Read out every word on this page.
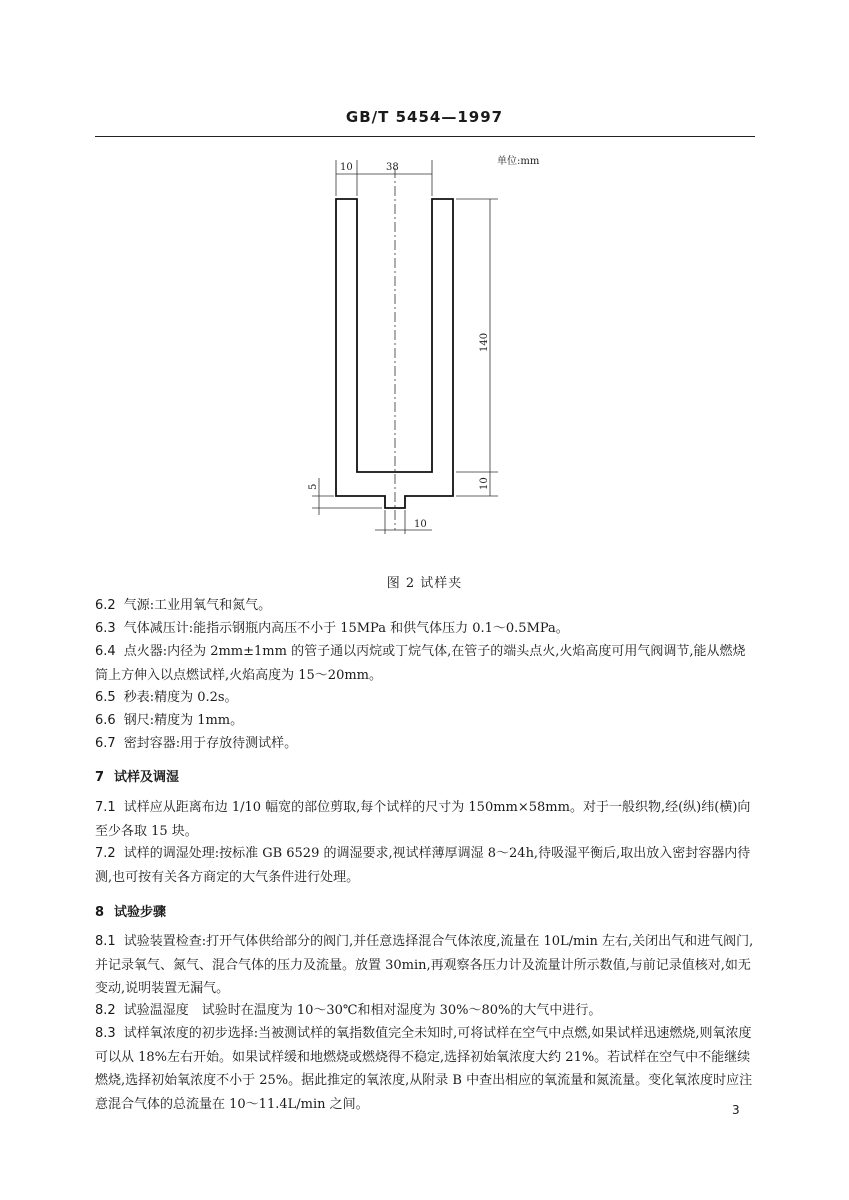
GB/T 5454—1997
单位:mm
10	38
140
10
5
10
图 2 试样夹
6.2 气源:工业用氧气和氮气。
6.3 气体减压计:能指示钢瓶内高压不小于 15MPa 和供气体压力 0.1～0.5MPa。
6.4 点火器:内径为 2mm±1mm 的管子通以丙烷或丁烷气体,在管子的端头点火,火焰高度可用气阀调节,能从燃烧筒上方伸入以点燃试样,火焰高度为 15～20mm。
6.5 秒表:精度为 0.2s。
6.6 钢尺:精度为 1mm。
6.7 密封容器:用于存放待测试样。
7 试样及调湿
7.1 试样应从距离布边 1/10 幅宽的部位剪取,每个试样的尺寸为 150mm×58mm。对于一般织物,经(纵)纬(横)向至少各取 15 块。
7.2 试样的调湿处理:按标准 GB 6529 的调湿要求,视试样薄厚调湿 8～24h,待吸湿平衡后,取出放入密封容器内待测,也可按有关各方商定的大气条件进行处理。
8 试验步骤
8.1 试验装置检查:打开气体供给部分的阀门,并任意选择混合气体浓度,流量在 10L/min 左右,关闭出气和进气阀门,并记录氧气、氮气、混合气体的压力及流量。放置 30min,再观察各压力计及流量计所示数值,与前记录值核对,如无变动,说明装置无漏气。
8.2 试验温湿度　试验时在温度为 10～30℃和相对湿度为 30%～80%的大气中进行。
8.3 试样氧浓度的初步选择:当被测试样的氧指数值完全未知时,可将试样在空气中点燃,如果试样迅速燃烧,则氧浓度可以从 18%左右开始。如果试样缓和地燃烧或燃烧得不稳定,选择初始氧浓度大约 21%。若试样在空气中不能继续燃烧,选择初始氧浓度不小于 25%。据此推定的氧浓度,从附录 B 中查出相应的氧流量和氮流量。变化氧浓度时应注意混合气体的总流量在 10～11.4L/min 之间。	3
